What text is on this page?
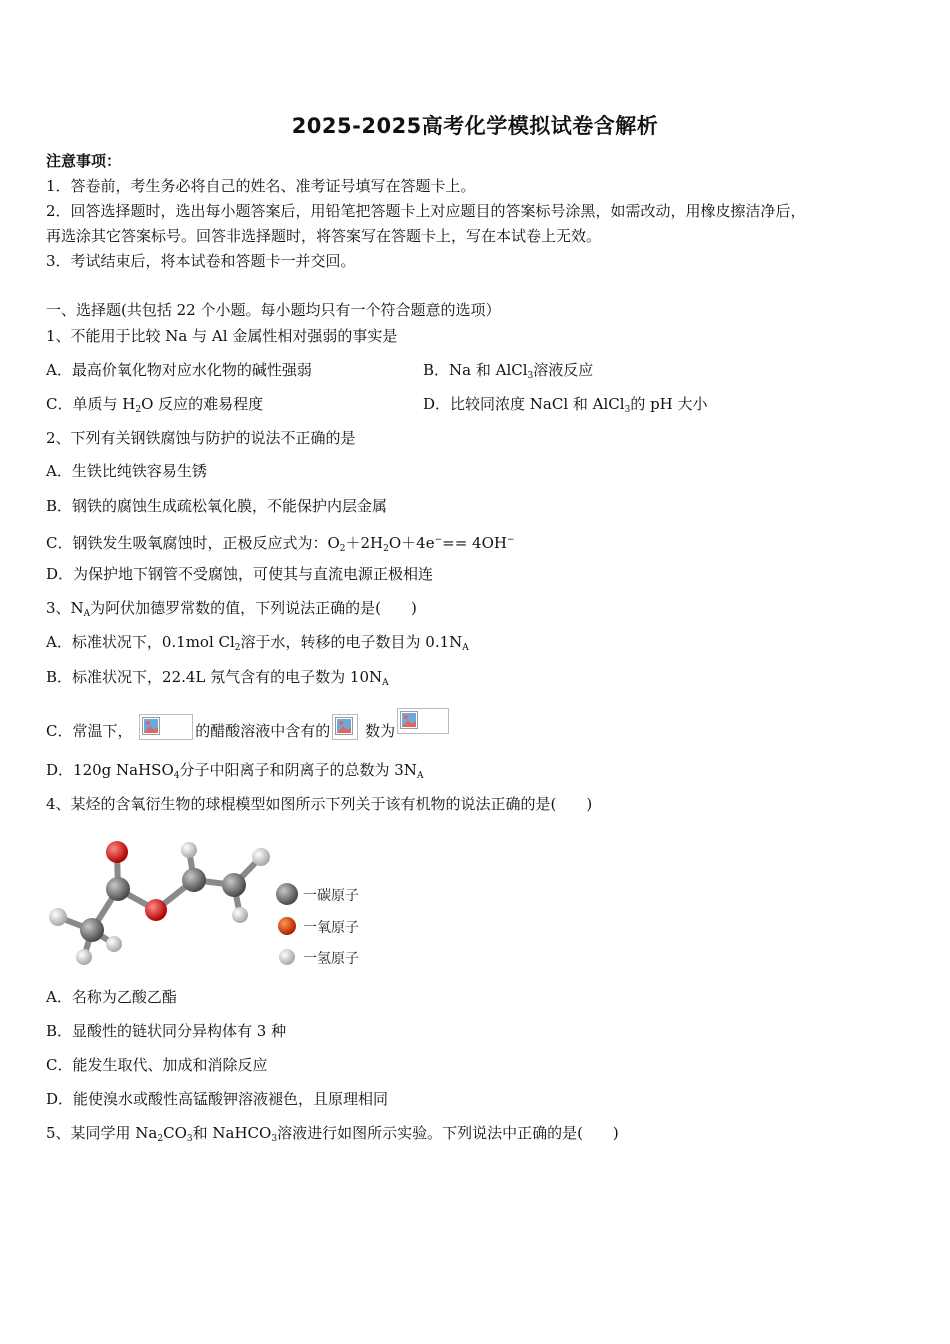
2025-2025高考化学模拟试卷含解析
注意事项：
1．答卷前，考生务必将自己的姓名、准考证号填写在答题卡上。
2．回答选择题时，选出每小题答案后，用铅笔把答题卡上对应题目的答案标号涂黑，如需改动，用橡皮擦洁净后，
再选涂其它答案标号。回答非选择题时，将答案写在答题卡上，写在本试卷上无效。
3．考试结束后，将本试卷和答题卡一并交回。
一、选择题(共包括 22 个小题。每小题均只有一个符合题意的选项）
1、不能用于比较 Na 与 Al 金属性相对强弱的事实是
A．最高价氧化物对应水化物的碱性强弱	B．Na 和 AlCl$_3$溶液反应
C．单质与 $H_2O$ 反应的难易程度	D．比较同浓度 NaCl 和 AlCl$_3$的 pH 大小
2、下列有关钢铁腐蚀与防护的说法不正确的是
A．生铁比纯铁容易生锈
B．钢铁的腐蚀生成疏松氧化膜，不能保护内层金属
C．钢铁发生吸氧腐蚀时，正极反应式为：$O_2+2H_2O+4e^-== 4OH^-$
D．为保护地下钢管不受腐蚀，可使其与直流电源正极相连
3、$N_A$为阿伏加德罗常数的值，下列说法正确的是(　　)
A．标准状况下，0.1mol $Cl_2$溶于水，转移的电子数目为 $0.1N_A$
B．标准状况下，22.4L 氖气含有的电子数为 $10N_A$
C．常温下，	的醋酸溶液中含有的 数为
D．120g NaHSO$_4$分子中阳离子和阴离子的总数为 $3N_A$
4、某烃的含氧衍生物的球棍模型如图所示下列关于该有机物的说法正确的是(　　)
一碳原子
一氧原子
一氢原子
A．名称为乙酸乙酯
B．显酸性的链状同分异构体有 3 种
C．能发生取代、加成和消除反应
D．能使溴水或酸性高锰酸钾溶液褪色，且原理相同
5、某同学用 $Na_2CO_3$和 NaHCO$_3$溶液进行如图所示实验。下列说法中正确的是(　　)
